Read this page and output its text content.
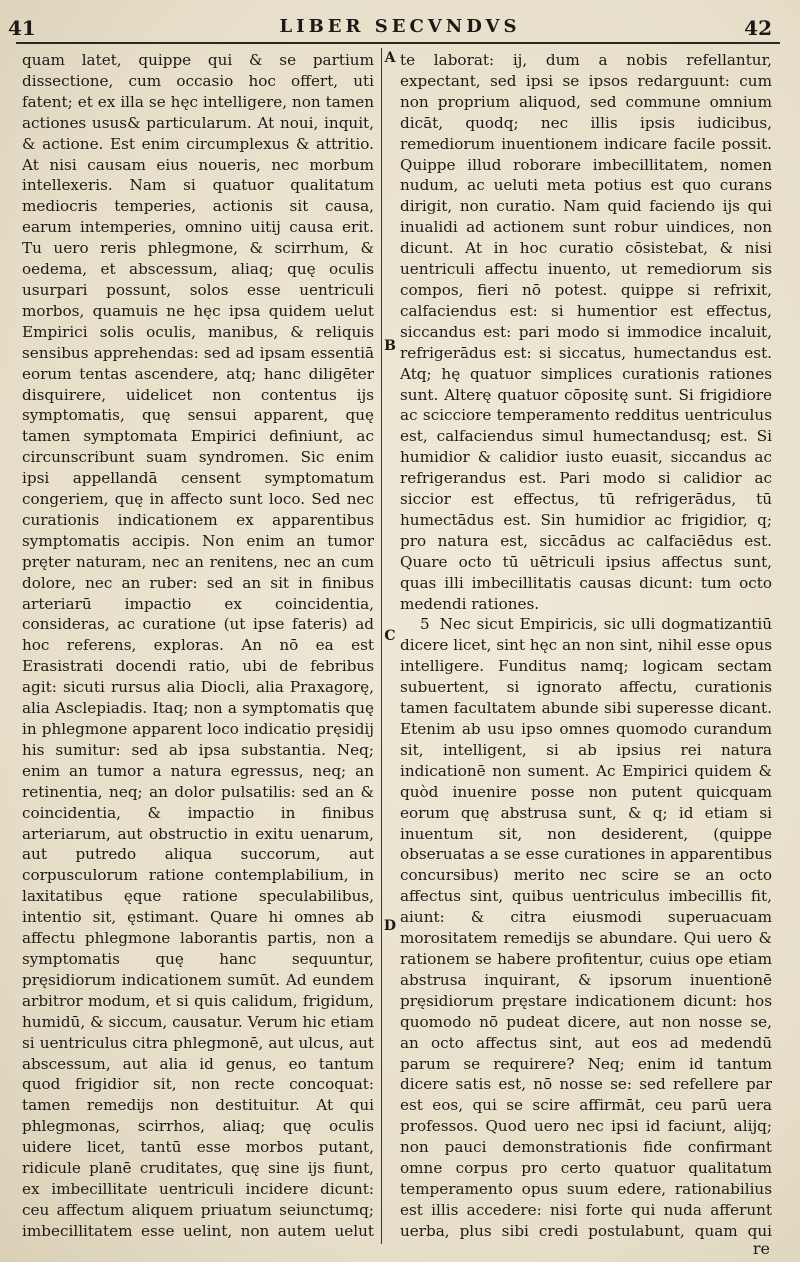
41	LIBER SECVNDVS	42

quam latet, quippe qui & se partium dissectione, cum occasio hoc offert, uti fatent; et ex illa se hęc intelligere, non tamen actiones usus& particularum. At noui, inquit, & actione. Est enim circumplexus & attritio. At nisi causam eius noueris, nec morbum intellexeris. Nam si quatuor qualitatum mediocris temperies, actionis sit causa, earum intemperies, omnino uitij causa erit. Tu uero reris phlegmone, & scirrhum, & oedema, et abscessum, aliaq; quę oculis usurpari possunt, solos esse uentriculi morbos, quamuis ne hęc ipsa quidem uelut Empirici solis oculis, manibus, & reliquis sensibus apprehendas: sed ad ipsam essentiā eorum tentas ascendere, atq; hanc diligēter disquirere, uidelicet non contentus ijs symptomatis, quę sensui apparent, quę tamen symptomata Empirici definiunt, ac circunscribunt suam syndromen. Sic enim ipsi appellandā censent symptomatum congeriem, quę in affecto sunt loco. Sed nec curationis indicationem ex apparentibus symptomatis accipis. Non enim an tumor pręter naturam, nec an renitens, nec an cum dolore, nec an ruber: sed an sit in finibus arteriarū impactio ex coincidentia, consideras, ac curatione (ut ipse fateris) ad hoc referens, exploras. An nō ea est Erasistrati docendi ratio, ubi de febribus agit: sicuti rursus alia Diocli, alia Praxagorę, alia Asclepiadis. Itaq; non a symptomatis quę in phlegmone apparent loco indicatio pręsidij his sumitur: sed ab ipsa substantia. Neq; enim an tumor a natura egressus, neq; an retinentia, neq; an dolor pulsatilis: sed an & coincidentia, & impactio in finibus arteriarum, aut obstructio in exitu uenarum, aut putredo aliqua succorum, aut corpusculorum ratione contemplabilium, in laxitatibus ęque ratione speculabilibus, intentio sit, ęstimant. Quare hi omnes ab affectu phlegmone laborantis partis, non a symptomatis quę hanc sequuntur, pręsidiorum indicationem sumūt. Ad eundem arbitror modum, et si quis calidum, frigidum, humidū, & siccum, causatur. Verum hic etiam si uentriculus citra phlegmonē, aut ulcus, aut abscessum, aut alia id genus, eo tantum quod frigidior sit, non recte concoquat: tamen remedijs non destituitur. At qui phlegmonas, scirrhos, aliaq; quę oculis uidere licet, tantū esse morbos putant, ridicule planē cruditates, quę sine ijs fiunt, ex imbecillitate uentriculi incidere dicunt: ceu affectum aliquem priuatum seiunctumq; imbecillitatem esse uelint, non autem uelut

A
B
C
D

te laborat: ij, dum a nobis refellantur, expectant, sed ipsi se ipsos redarguunt: cum non proprium aliquod, sed commune omnium dicāt, quodq; nec illis ipsis iudicibus, remediorum inuentionem indicare facile possit. Quippe illud roborare imbecillitatem, nomen nudum, ac ueluti meta potius est quo curans dirigit, non curatio. Nam quid faciendo ijs qui inualidi ad actionem sunt robur uindices, non dicunt. At in hoc curatio cōsistebat, & nisi uentriculi affectu inuento, ut remediorum sis compos, fieri nō potest. quippe si refrixit, calfaciendus est: si humentior est effectus, siccandus est: pari modo si immodice incaluit, refrigerādus est: si siccatus, humectandus est. Atq; hę quatuor simplices curationis rationes sunt. Alterę quatuor cōpositę sunt. Si frigidiore ac scicciore temperamento redditus uentriculus est, calfaciendus simul humectandusq; est. Si humidior & calidior iusto euasit, siccandus ac refrigerandus est. Pari modo si calidior ac siccior est effectus, tū refrigerādus, tū humectādus est. Sin humidior ac frigidior, q; pro natura est, siccādus ac calfaciēdus est. Quare octo tū uētriculi ipsius affectus sunt, quas illi imbecillitatis causas dicunt: tum octo medendi rationes.

5 Nec sicut Empiricis, sic ulli dogmatizantiū dicere licet, sint hęc an non sint, nihil esse opus intelligere. Funditus namq; logicam sectam subuertent, si ignorato affectu, curationis tamen facultatem abunde sibi superesse dicant. Etenim ab usu ipso omnes quomodo curandum sit, intelligent, si ab ipsius rei natura indicationē non sument. Ac Empirici quidem & quòd inuenire posse non putent quicquam eorum quę abstrusa sunt, & q; id etiam si inuentum sit, non desiderent, (quippe obseruatas a se esse curationes in apparentibus concursibus) merito nec scire se an octo affectus sint, quibus uentriculus imbecillis fit, aiunt: & citra eiusmodi superuacuam morositatem remedijs se abundare. Qui uero & rationem se habere profitentur, cuius ope etiam abstrusa inquirant, & ipsorum inuentionē pręsidiorum pręstare indicationem dicunt: hos quomodo nō pudeat dicere, aut non nosse se, an octo affectus sint, aut eos ad medendū parum se requirere? Neq; enim id tantum dicere satis est, nō nosse se: sed refellere par est eos, qui se scire affirmāt, ceu parū uera professos. Quod uero nec ipsi id faciunt, alijq; non pauci demonstrationis fide confirmant omne corpus pro certo quatuor qualitatum temperamento opus suum edere, rationabilius est illis accedere: nisi forte qui nuda afferunt uerba, plus sibi credi postulabunt, quam qui

re
